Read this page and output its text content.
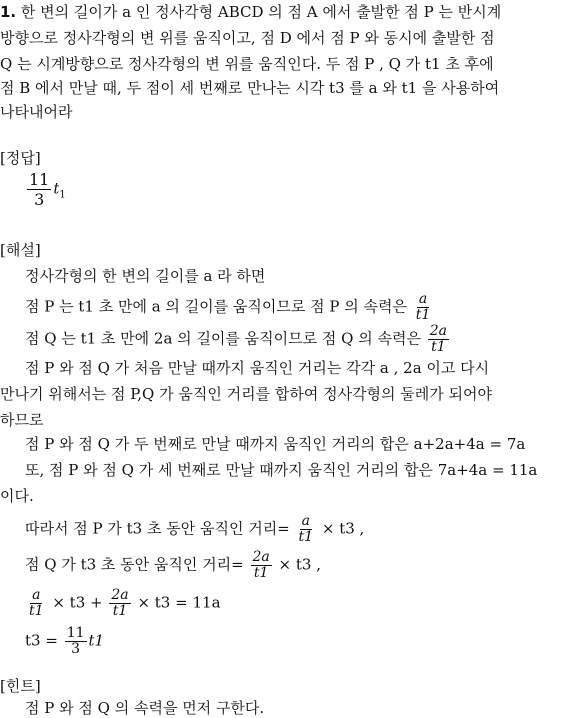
1. 한 변의 길이가 a 인 정사각형 ABCD 의 점 A 에서 출발한 점 P 는 반시계
방향으로 정사각형의 변 위를 움직이고, 점 D 에서 점 P 와 동시에 출발한 점
Q 는 시계방향으로 정사각형의 변 위를 움직인다. 두 점 P , Q 가 t1 초 후에
점 B 에서 만날 때, 두 점이 세 번째로 만나는 시각 t3 를 a 와 t1 을 사용하여
나타내어라
[정답]
$\frac{11}{3} t_1$
[해설]
정사각형의 한 변의 길이를 a 라 하면
점 P 는 t1 초 만에 a 의 길이를 움직이므로 점 P 의 속력은 $\frac{a}{t1}$
점 Q 는 t1 초 만에 2a 의 길이를 움직이므로 점 Q 의 속력은 $\frac{2a}{t1}$
점 P 와 점 Q 가 처음 만날 때까지 움직인 거리는 각각 a , 2a 이고 다시
만나기 위해서는 점 P,Q 가 움직인 거리를 합하여 정사각형의 둘레가 되어야
하므로
점 P 와 점 Q 가 두 번째로 만날 때까지 움직인 거리의 합은 a+2a+4a = 7a
또, 점 P 와 점 Q 가 세 번째로 만날 때까지 움직인 거리의 합은 7a+4a = 11a
이다.
따라서 점 P 가 t3 초 동안 움직인 거리= $\frac{a}{t1} \times t3$ ,
점 Q 가 t3 초 동안 움직인 거리= $\frac{2a}{t1} \times t3$ ,
$\frac{a}{t1} \times t3 + \frac{2a}{t1} \times t3 = 11a$
$t3 = \frac{11}{3} t1$
[힌트]
점 P 와 점 Q 의 속력을 먼저 구한다.
